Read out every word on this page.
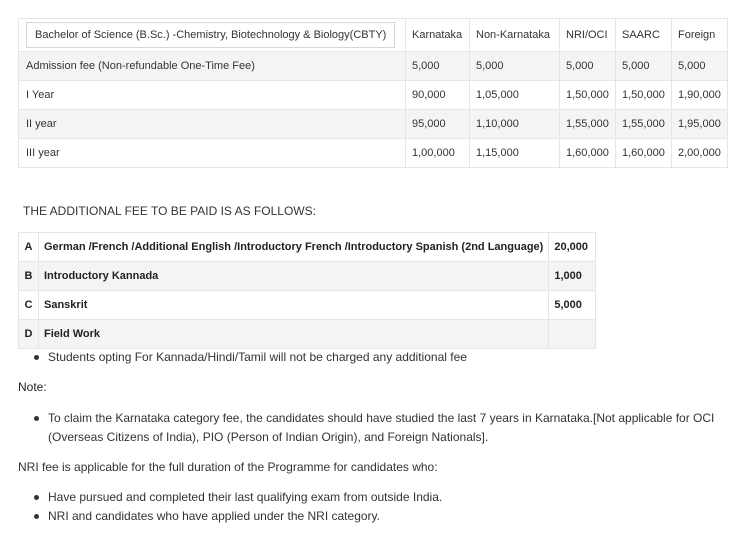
Bachelor of Science (B.Sc.) -Chemistry, Biotechnology & Biology(CBTY)	Karnataka	Non-Karnataka	NRI/OCI	SAARC	Foreign
Admission fee (Non-refundable One-Time Fee)	5,000	5,000	5,000	5,000	5,000
I Year	90,000	1,05,000	1,50,000	1,50,000	1,90,000
II year	95,000	1,10,000	1,55,000	1,55,000	1,95,000
III year	1,00,000	1,15,000	1,60,000	1,60,000	2,00,000
THE ADDITIONAL FEE TO BE PAID IS AS FOLLOWS:
A	German /French /Additional English /Introductory French /Introductory Spanish (2nd Language)	20,000
B	Introductory Kannada	1,000
C	Sanskrit	5,000
D	Field Work	
Students opting For Kannada/Hindi/Tamil will not be charged any additional fee
Note:
To claim the Karnataka category fee, the candidates should have studied the last 7 years in Karnataka.[Not applicable for OCI (Overseas Citizens of India), PIO (Person of Indian Origin), and Foreign Nationals].
NRI fee is applicable for the full duration of the Programme for candidates who:
Have pursued and completed their last qualifying exam from outside India.
NRI and candidates who have applied under the NRI category.
